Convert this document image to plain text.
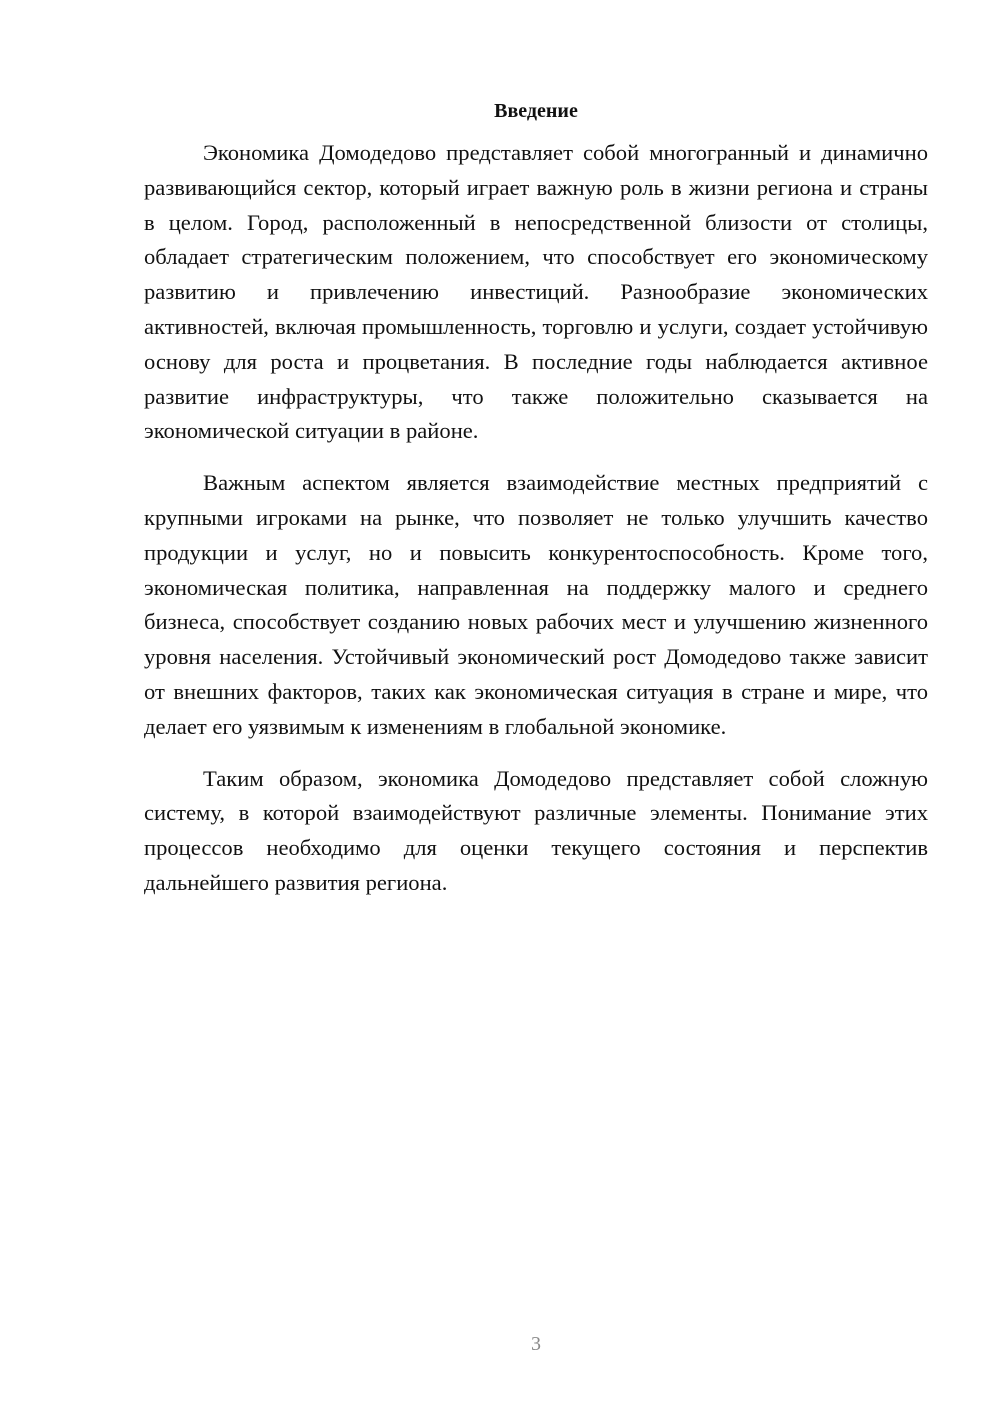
Введение

Экономика Домодедово представляет собой многогранный и динамично развивающийся сектор, который играет важную роль в жизни региона и страны в целом. Город, расположенный в непосредственной близости от столицы, обладает стратегическим положением, что способствует его экономическому развитию и привлечению инвестиций. Разнообразие экономических активностей, включая промышленность, торговлю и услуги, создает устойчивую основу для роста и процветания. В последние годы наблюдается активное развитие инфраструктуры, что также положительно сказывается на экономической ситуации в районе.

Важным аспектом является взаимодействие местных предприятий с крупными игроками на рынке, что позволяет не только улучшить качество продукции и услуг, но и повысить конкурентоспособность. Кроме того, экономическая политика, направленная на поддержку малого и среднего бизнеса, способствует созданию новых рабочих мест и улучшению жизненного уровня населения. Устойчивый экономический рост Домодедово также зависит от внешних факторов, таких как экономическая ситуация в стране и мире, что делает его уязвимым к изменениям в глобальной экономике.

Таким образом, экономика Домодедово представляет собой сложную систему, в которой взаимодействуют различные элементы. Понимание этих процессов необходимо для оценки текущего состояния и перспектив дальнейшего развития региона.

3
